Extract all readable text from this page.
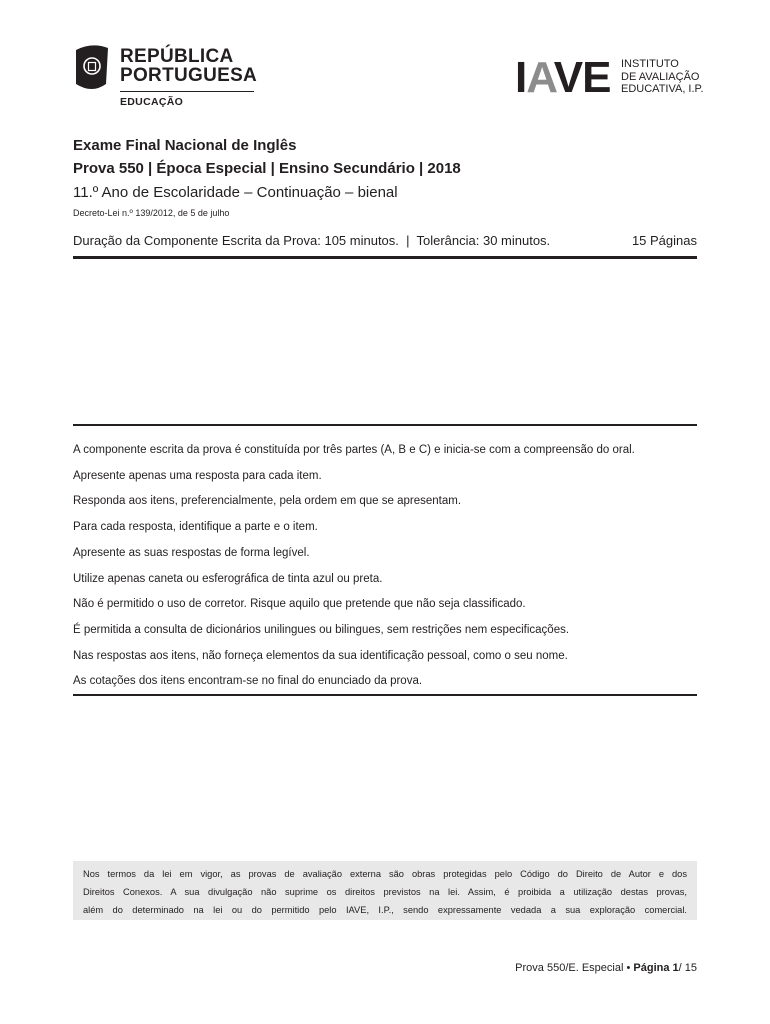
REPÚBLICA
PORTUGUESA
EDUCAÇÃO	IAVE INSTITUTO
DE AVALIAÇÃO
EDUCATIVA, I.P.
Exame Final Nacional de Inglês
Prova 550 | Época Especial | Ensino Secundário | 2018
11.º Ano de Escolaridade – Continuação – bienal
Decreto-Lei n.º 139/2012, de 5 de julho
Duração da Componente Escrita da Prova: 105 minutos.  |  Tolerância: 30 minutos.	15 Páginas
A componente escrita da prova é constituída por três partes (A, B e C) e inicia-se com a compreensão do oral.
Apresente apenas uma resposta para cada item.
Responda aos itens, preferencialmente, pela ordem em que se apresentam.
Para cada resposta, identifique a parte e o item.
Apresente as suas respostas de forma legível.
Utilize apenas caneta ou esferográfica de tinta azul ou preta.
Não é permitido o uso de corretor. Risque aquilo que pretende que não seja classificado.
É permitida a consulta de dicionários unilingues ou bilingues, sem restrições nem especificações.
Nas respostas aos itens, não forneça elementos da sua identificação pessoal, como o seu nome.
As cotações dos itens encontram-se no final do enunciado da prova.
Nos termos da lei em vigor, as provas de avaliação externa são obras protegidas pelo Código do Direito de Autor e dos
Direitos Conexos. A sua divulgação não suprime os direitos previstos na lei. Assim, é proibida a utilização destas provas,
além do determinado na lei ou do permitido pelo IAVE, I.P., sendo expressamente vedada a sua exploração comercial.
Prova 550/E. Especial • Página 1/ 15
